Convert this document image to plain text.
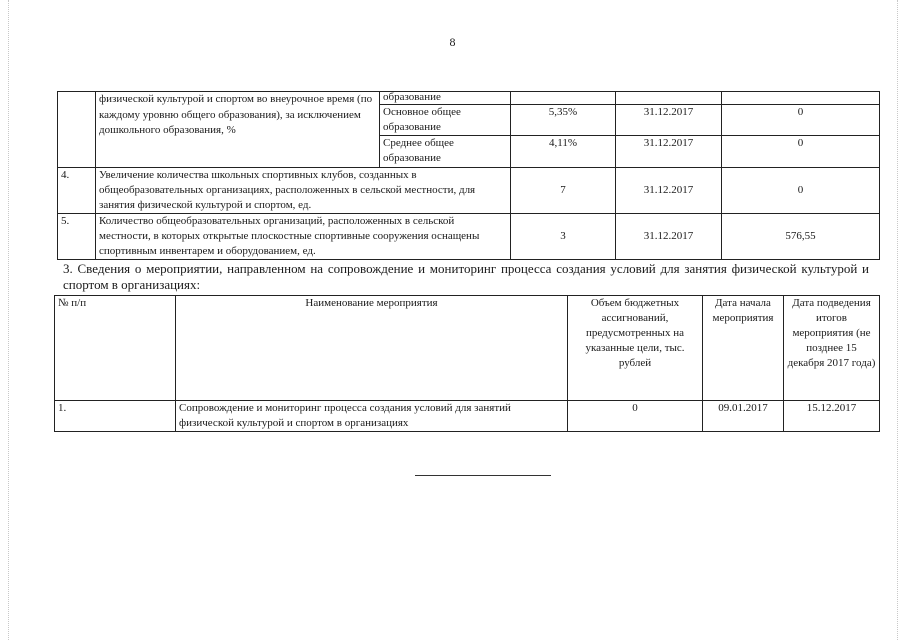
8
	физической культурой и спортом во внеурочное время (по каждому уровню общего образования), за исключением дошкольного образования, %	образование			
		Основное общее образование	5,35%	31.12.2017	0
		Среднее общее образование	4,11%	31.12.2017	0
4.	Увеличение количества школьных спортивных клубов, созданных в общеобразовательных организациях, расположенных в сельской местности, для занятия физической культурой и спортом, ед.		7	31.12.2017	0
5.	Количество общеобразовательных организаций, расположенных в сельской местности, в которых открытые плоскостные спортивные сооружения оснащены спортивным инвентарем и оборудованием, ед.		3	31.12.2017	576,55
3. Сведения о мероприятии, направленном на сопровождение и мониторинг процесса создания условий для занятия физической культурой и спортом в организациях:
№ п/п	Наименование мероприятия	Объем бюджетных ассигнований, предусмотренных на указанные цели, тыс. рублей	Дата начала мероприятия	Дата подведения итогов мероприятия (не позднее 15 декабря 2017 года)
1.	Сопровождение и мониторинг процесса создания условий для занятий физической культурой и спортом в организациях	0	09.01.2017	15.12.2017
